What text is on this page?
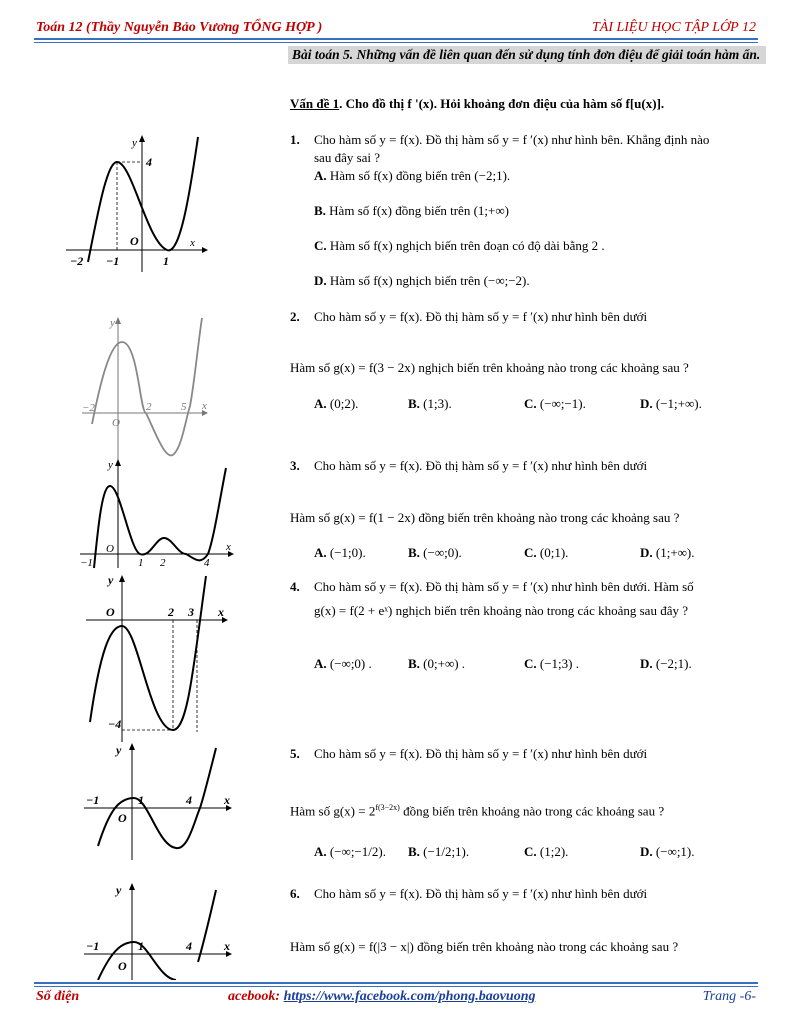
Toán 12 (Thầy Nguyễn Bảo Vương TỔNG HỢP )	TÀI LIỆU HỌC TẬP LỚP 12
Bài toán 5. Những vấn đề liên quan đến sử dụng tính đơn điệu để giải toán hàm ẩn.
Vấn đề 1. Cho đồ thị f '(x). Hỏi khoảng đơn điệu của hàm số f[u(x)].
1. Cho hàm số y = f(x). Đồ thị hàm số y = f ′(x) như hình bên. Khẳng định nào
sau đây sai ?
A. Hàm số f(x) đồng biến trên (−2;1).
B. Hàm số f(x) đồng biến trên (1;+∞)
C. Hàm số f(x) nghịch biến trên đoạn có độ dài bằng 2 .
D. Hàm số f(x) nghịch biến trên (−∞;−2).
y
x
4
O
−2 −1	1
2. Cho hàm số y = f(x). Đồ thị hàm số y = f ′(x) như hình bên dưới
Hàm số g(x) = f(3 − 2x) nghịch biến trên khoảng nào trong các khoảng sau ?
A. (0;2).	B. (1;3).	C. (−∞;−1).	D. (−1;+∞).
y
x
O
−2	2	5
3. Cho hàm số y = f(x). Đồ thị hàm số y = f ′(x) như hình bên dưới
Hàm số g(x) = f(1 − 2x) đồng biến trên khoảng nào trong các khoảng sau ?
A. (−1;0).	B. (−∞;0).	C. (0;1).	D. (1;+∞).
y
x
O
−1	1 2	4
4. Cho hàm số y = f(x). Đồ thị hàm số y = f ′(x) như hình bên dưới. Hàm số
g(x) = f(2 + eˣ) nghịch biến trên khoảng nào trong các khoảng sau đây ?
A. (−∞;0) .	B. (0;+∞) .	C. (−1;3) .	D. (−2;1).
y
x
O
−4
2 3
5. Cho hàm số y = f(x). Đồ thị hàm số y = f ′(x) như hình bên dưới
Hàm số $g(x) = 2^{f(3-2x)}$ đồng biến trên khoảng nào trong các khoảng sau ?
A. (−∞;−1/2). B. (−1/2;1).	C. (1;2).	D. (−∞;1).
y
x
O
−1	1	4
6. Cho hàm số y = f(x). Đồ thị hàm số y = f ′(x) như hình bên dưới
Hàm số g(x) = f(|3 − x|) đồng biến trên khoảng nào trong các khoảng sau ?
y
x
O
−1	1	4
Số điện	acebook: https://www.facebook.com/phong.baovuong	Trang -6-
